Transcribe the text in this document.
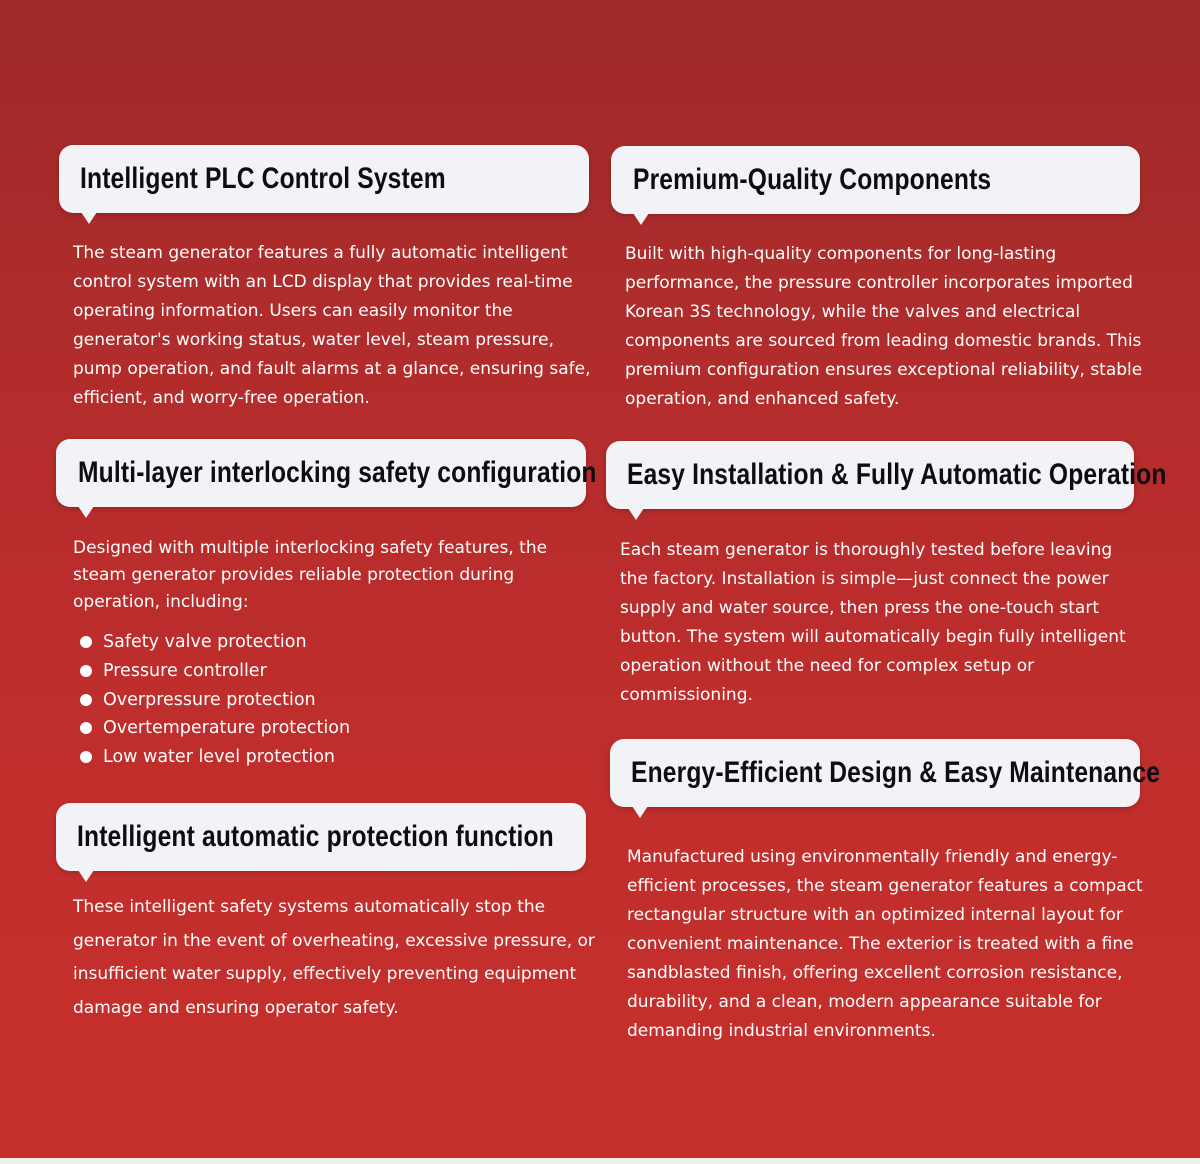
Intelligent PLC Control System

The steam generator features a fully automatic intelligent control system with an LCD display that provides real-time operating information. Users can easily monitor the generator's working status, water level, steam pressure, pump operation, and fault alarms at a glance, ensuring safe, efficient, and worry-free operation.

Premium-Quality Components

Built with high-quality components for long-lasting performance, the pressure controller incorporates imported Korean 3S technology, while the valves and electrical components are sourced from leading domestic brands. This premium configuration ensures exceptional reliability, stable operation, and enhanced safety.

Multi-layer interlocking safety configuration

Designed with multiple interlocking safety features, the steam generator provides reliable protection during operation, including:

Safety valve protection
Pressure controller
Overpressure protection
Overtemperature protection
Low water level protection
Easy Installation & Fully Automatic Operation

Each steam generator is thoroughly tested before leaving the factory. Installation is simple—just connect the power supply and water source, then press the one-touch start button. The system will automatically begin fully intelligent operation without the need for complex setup or commissioning.

Intelligent automatic protection function

These intelligent safety systems automatically stop the generator in the event of overheating, excessive pressure, or insufficient water supply, effectively preventing equipment damage and ensuring operator safety.

Energy-Efficient Design & Easy Maintenance

Manufactured using environmentally friendly and energy-efficient processes, the steam generator features a compact rectangular structure with an optimized internal layout for convenient maintenance. The exterior is treated with a fine sandblasted finish, offering excellent corrosion resistance, durability, and a clean, modern appearance suitable for demanding industrial environments.
